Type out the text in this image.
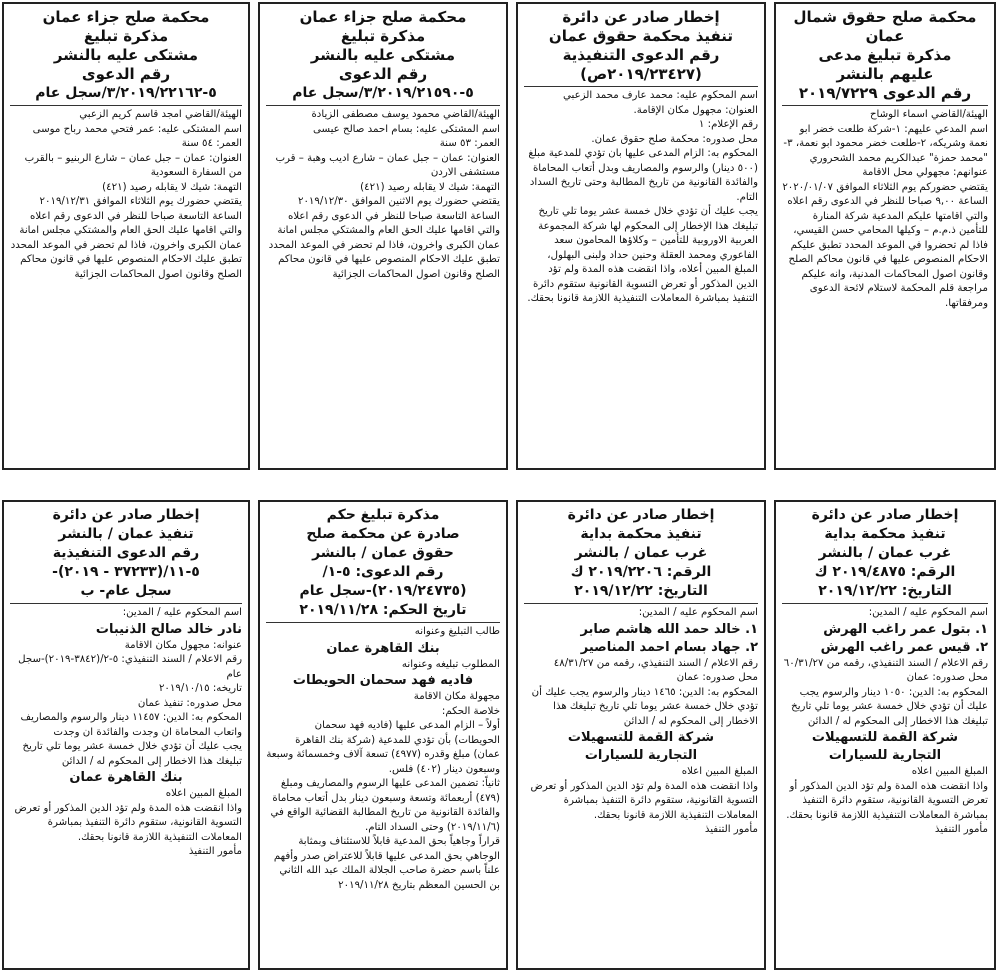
محكمة صلح حقوق شمال عمان
مذكرة تبليغ مدعى
عليهم بالنشر
رقم الدعوى ٢٠١٩/٧٢٢٩

الهيئة/القاضي اسماء الوشاح

اسم المدعي عليهم: ١-شركة طلعت خضر ابو نعمة وشريكه، ٢-طلعت خضر محمود ابو نعمة، ٣-"محمد حمزة" عبدالكريم محمد الشحروري

عنوانهم: مجهولي محل الاقامة

يقتضي حضوركم يوم الثلاثاء الموافق ٢٠٢٠/٠١/٠٧ الساعة ٩,٠٠ صباحا للنظر في الدعوى رقم اعلاه والتي اقامتها عليكم المدعية شركة المنارة للتأمين ذ.م.م – وكيلها المحامي حسن القيسي، فاذا لم تحضروا في الموعد المحدد تطبق عليكم الاحكام المنصوص عليها في قانون محاكم الصلح وقانون اصول المحاكمات المدنية، وانه عليكم مراجعة قلم المحكمة لاستلام لائحة الدعوى ومرفقاتها.

إخطار صادر عن دائرة
تنفيذ محكمة حقوق عمان
رقم الدعوى التنفيذية
(٢٠١٩/٢٣٤٢٧ص)

اسم المحكوم عليه: محمد عارف محمد الزعبي

العنوان: مجهول مكان الإقامة.

رقم الإعلام: ١

محل صدوره: محكمة صلح حقوق عمان.

المحكوم به: الزام المدعى عليها بان تؤدي للمدعية مبلغ (٥٠٠ دينار) والرسوم والمصاريف وبدل أتعاب المحاماة والفائدة القانونية من تاريخ المطالبة وحتى تاريخ السداد التام.

يجب عليك أن تؤدي خلال خمسة عشر يوما تلي تاريخ تبليغك هذا الإخطار إلى المحكوم لها شركة المجموعة العربية الاوروبية للتأمين – وكلاؤها المحامون سعد الفاعوري ومحمد العقلة وحنين حداد ولبنى البهلول، المبلغ المبين أعلاه، واذا انقضت هذه المدة ولم تؤد الدين المذكور أو تعرض التسوية القانونية ستقوم دائرة التنفيذ بمباشرة المعاملات التنفيذية اللازمة قانونا بحقك.

محكمة صلح جزاء عمان
مذكرة تبليغ
مشتكى عليه بالنشر
رقم الدعوى
٥-٣/٢٠١٩/٢١٥٩٠/سجل عام

الهيئة/القاضي محمود يوسف مصطفى الزيادة

اسم المشتكى عليه: بسام احمد صالح عيسى

العمر: ٥٣ سنة

العنوان: عمان – جبل عمان – شارع اديب وهبة – قرب مستشفى الاردن

التهمة: شيك لا يقابله رصيد (٤٢١)

يقتضي حضورك يوم الاثنين الموافق ٢٠١٩/١٢/٣٠ الساعة التاسعة صباحا للنظر في الدعوى رقم اعلاه والتي اقامها عليك الحق العام والمشتكي مجلس امانة عمان الكبرى واخرون، فاذا لم تحضر في الموعد المحدد تطبق عليك الاحكام المنصوص عليها في قانون محاكم الصلح وقانون اصول المحاكمات الجزائية

محكمة صلح جزاء عمان
مذكرة تبليغ
مشتكى عليه بالنشر
رقم الدعوى
٥-٣/٢٠١٩/٢٢١٦٢/سجل عام

الهيئة/القاضي امجد قاسم كريم الزعبي

اسم المشتكى عليه: عمر فتحي محمد رباح موسى

العمر: ٥٤ سنة

العنوان: عمان – جبل عمان – شارع الربنيو – بالقرب من السفارة السعودية

التهمة: شيك لا يقابله رصيد (٤٢١)

يقتضي حضورك يوم الثلاثاء الموافق ٢٠١٩/١٢/٣١ الساعة التاسعة صباحا للنظر في الدعوى رقم اعلاه والتي اقامها عليك الحق العام والمشتكي مجلس امانة عمان الكبرى واخرون، فاذا لم تحضر في الموعد المحدد تطبق عليك الاحكام المنصوص عليها في قانون محاكم الصلح وقانون اصول المحاكمات الجزائية

إخطار صادر عن دائرة
تنفيذ محكمة بداية
غرب عمان / بالنشر
الرقم: ٢٠١٩/٤٨٧٥ ك
التاريخ: ٢٠١٩/١٢/٢٢

اسم المحكوم عليه / المدين:

١. بتول عمر راغب الهرش
٢. قيس عمر راغب الهرش

رقم الاعلام / السند التنفيذي، رقمه من ٦٠/٣١/٢٧

محل صدوره: عمان

المحكوم به: الدين: ١٠٥٠ دينار والرسوم يجب عليك أن تؤدي خلال خمسة عشر يوما تلي تاريخ تبليغك هذا الاخطار إلى المحكوم له / الدائن

شركة القمة للتسهيلات
التجارية للسيارات

المبلغ المبين اعلاه

واذا انقضت هذه المدة ولم تؤد الدين المذكور أو تعرض التسوية القانونية، ستقوم دائرة التنفيذ بمباشرة المعاملات التنفيذية اللازمة قانونا بحقك.

مأمور التنفيذ

إخطار صادر عن دائرة
تنفيذ محكمة بداية
غرب عمان / بالنشر
الرقم: ٢٠١٩/٢٢٠٦ ك
التاريخ: ٢٠١٩/١٢/٢٢

اسم المحكوم عليه / المدين:

١. خالد حمد الله هاشم صابر
٢. جهاد بسام احمد المناصير

رقم الاعلام / السند التنفيذي، رقمه من ٤٨/٣١/٢٧

محل صدوره: عمان

المحكوم به: الدين: ١٤٦٥ دينار والرسوم يجب عليك أن تؤدي خلال خمسة عشر يوما تلي تاريخ تبليغك هذا الاخطار إلى المحكوم له / الدائن

شركة القمة للتسهيلات
التجارية للسيارات

المبلغ المبين اعلاه

واذا انقضت هذه المدة ولم تؤد الدين المذكور أو تعرض التسوية القانونية، ستقوم دائرة التنفيذ بمباشرة المعاملات التنفيذية اللازمة قانونا بحقك.

مأمور التنفيذ

مذكرة تبليغ حكم
صادرة عن محكمة صلح
حقوق عمان / بالنشر
رقم الدعوى: ٥-١/
(٢٠١٩/٢٤٧٣٥)-سجل عام
تاريخ الحكم: ٢٠١٩/١١/٢٨

طالب التبليغ وعنوانه

بنك القاهرة عمان

المطلوب تبليغه وعنوانه

فاديه فهد سحمان الحويطات

مجهولة مكان الاقامة

خلاصة الحكم:

أولاً – الزام المدعى عليها (فاديه فهد سحمان الحويطات) بأن تؤدي للمدعية (شركة بنك القاهرة عمان) مبلغ وقدره (٤٩٧٧) تسعة آلاف وخمسمائة وسبعة وسبعون دينار (٤٠٢) فلس.

ثانياً: تضمين المدعى عليها الرسوم والمصاريف ومبلغ (٤٧٩) أربعمائة وتسعة وسبعون دينار بدل أتعاب محاماة والفائدة القانونية من تاريخ المطالبة القضائية الواقع في (٢٠١٩/١١/٦) وحتى السداد التام.

قراراً وجاهياً بحق المدعية قابلاً للاستئناف وبمثابة الوجاهي بحق المدعى عليها قابلاً للاعتراض صدر وأفهم علناً باسم حضرة صاحب الجلالة الملك عبد الله الثاني بن الحسين المعظم بتاريخ ٢٠١٩/١١/٢٨

إخطار صادر عن دائرة
تنفيذ عمان / بالنشر
رقم الدعوى التنفيذية
٥-١١/(٣٧٢٣٣ - ٢٠١٩)-
سجل عام- ب

اسم المحكوم عليه / المدين:

نادر خالد صالح الذنيبات

عنوانه: مجهول مكان الاقامة

رقم الاعلام / السند التنفيذي: ٥-٢/(٣٨٤٢-٢٠١٩)-سجل عام

تاريخه: ٢٠١٩/١٠/١٥

محل صدوره: تنفيذ عمان

المحكوم به: الدين: ١١٤٥٧ دينار والرسوم والمصاريف واتعاب المحاماة ان وجدت والفائدة ان وجدت

يجب عليك أن تؤدي خلال خمسة عشر يوما تلي تاريخ تبليغك هذا الاخطار إلى المحكوم له / الدائن

بنك القاهرة عمان

المبلغ المبين اعلاه

واذا انقضت هذه المدة ولم تؤد الدين المذكور أو تعرض التسوية القانونية، ستقوم دائرة التنفيذ بمباشرة المعاملات التنفيذية اللازمة قانونا بحقك.

مأمور التنفيذ
